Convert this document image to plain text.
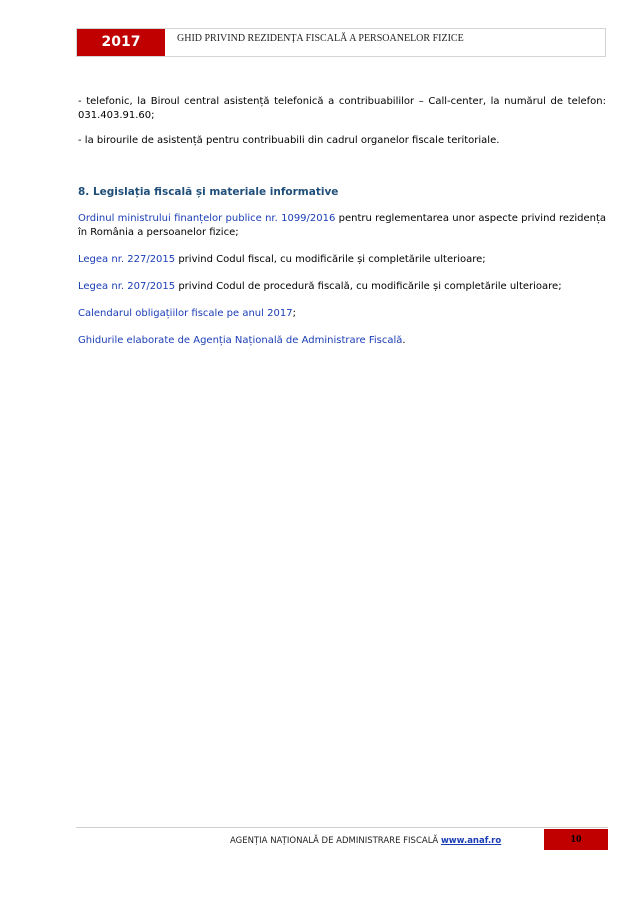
2017	GHID PRIVIND REZIDENȚA FISCALĂ A PERSOANELOR FIZICE

- telefonic, la Biroul central asistență telefonică a contribuabililor – Call-center, la numărul de telefon: 031.403.91.60;

- la birourile de asistență pentru contribuabili din cadrul organelor fiscale teritoriale.

8. Legislația fiscală și materiale informative

Ordinul ministrului finanțelor publice nr. 1099/2016 pentru reglementarea unor aspecte privind rezidența în România a persoanelor fizice;

Legea nr. 227/2015 privind Codul fiscal, cu modificările și completările ulterioare;

Legea nr. 207/2015 privind Codul de procedură fiscală, cu modificările și completările ulterioare;

Calendarul obligațiilor fiscale pe anul 2017;

Ghidurile elaborate de Agenția Națională de Administrare Fiscală.

AGENȚIA NAȚIONALĂ DE ADMINISTRARE FISCALĂ www.anaf.ro	10
